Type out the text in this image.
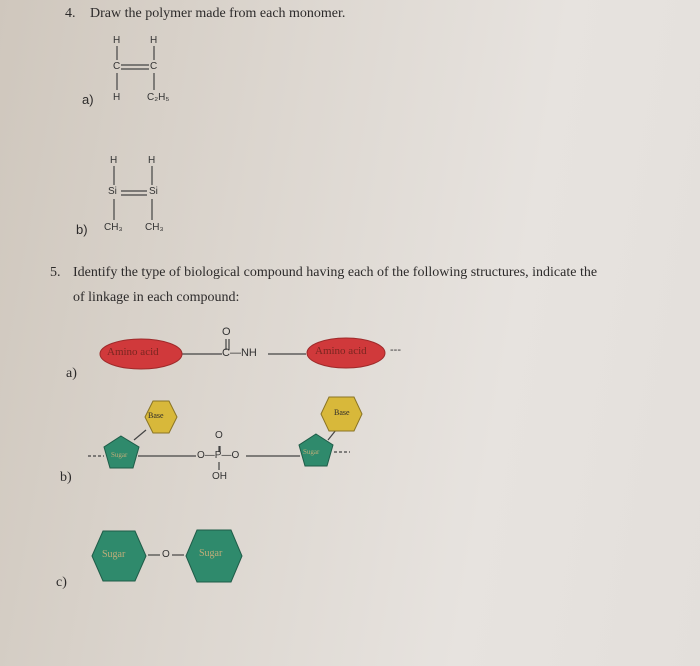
4. Draw the polymer made from each monomer.
a)
H	H
C	C
H	C₂H₅
b)
H	H
Si	Si
CH₃ CH₃
5. Identify the type of biological compound having each of the following structures, indicate the
of linkage in each compound:
a)
b)
c)
Amino acid	Amino acid
O
C—NH	---
Base	Base
Sugar	Sugar
O
O—P—O
OH
Sugar	O	Sugar
